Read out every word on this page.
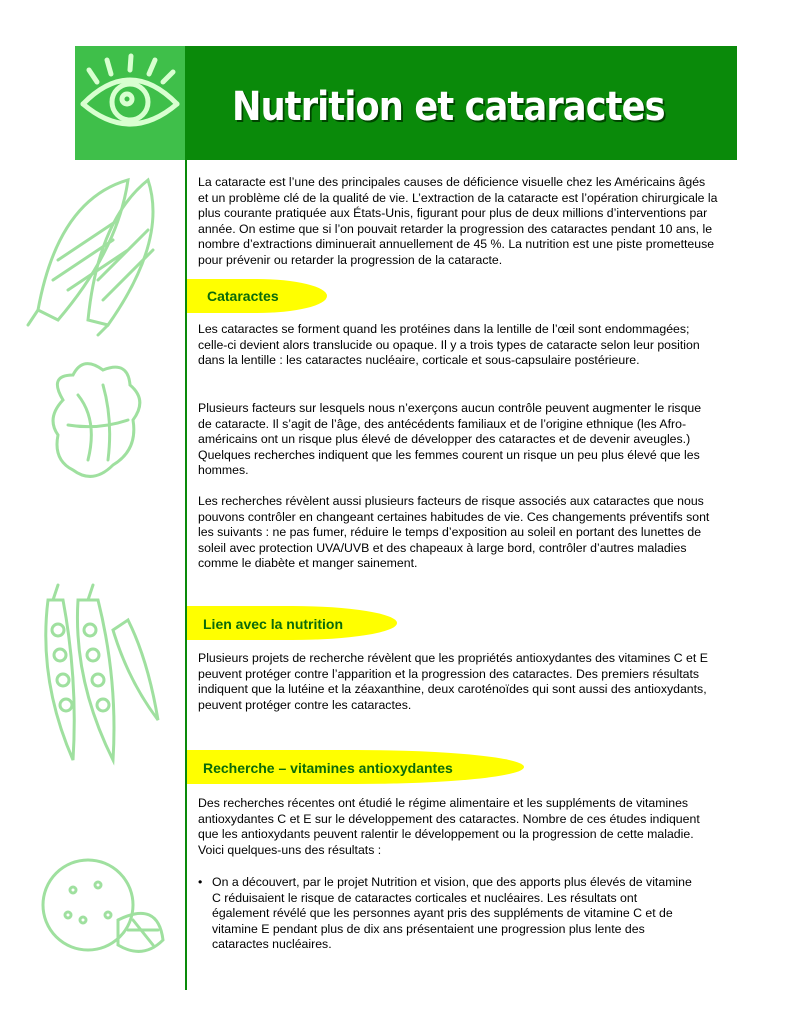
Nutrition et cataractes

La cataracte est l’une des principales causes de déficience visuelle chez les Américains âgés et un problème clé de la qualité de vie. L’extraction de la cataracte est l’opération chirurgicale la plus courante pratiquée aux États-Unis, figurant pour plus de deux millions d’interventions par année. On estime que si l’on pouvait retarder la progression des cataractes pendant 10 ans, le nombre d’extractions diminuerait annuellement de 45 %. La nutrition est une piste prometteuse pour prévenir ou retarder la progression de la cataracte.

Cataractes

Les cataractes se forment quand les protéines dans la lentille de l’œil sont endommagées; celle-ci devient alors translucide ou opaque. Il y a trois types de cataracte selon leur position dans la lentille : les cataractes nucléaire, corticale et sous-capsulaire postérieure.

Plusieurs facteurs sur lesquels nous n’exerçons aucun contrôle peuvent augmenter le risque de cataracte. Il s’agit de l’âge, des antécédents familiaux et de l’origine ethnique (les Afro-américains ont un risque plus élevé de développer des cataractes et de devenir aveugles.) Quelques recherches indiquent que les femmes courent un risque un peu plus élevé que les hommes.

Les recherches révèlent aussi plusieurs facteurs de risque associés aux cataractes que nous pouvons contrôler en changeant certaines habitudes de vie. Ces changements préventifs sont les suivants : ne pas fumer, réduire le temps d’exposition au soleil en portant des lunettes de soleil avec protection UVA/UVB et des chapeaux à large bord, contrôler d’autres maladies comme le diabète et manger sainement.

Lien avec la nutrition

Plusieurs projets de recherche révèlent que les propriétés antioxydantes des vitamines C et E peuvent protéger contre l’apparition et la progression des cataractes. Des premiers résultats indiquent que la lutéine et la zéaxanthine, deux caroténoïdes qui sont aussi des antioxydants, peuvent protéger contre les cataractes.

Recherche – vitamines antioxydantes

Des recherches récentes ont étudié le régime alimentaire et les suppléments de vitamines antioxydantes C et E sur le développement des cataractes. Nombre de ces études indiquent que les antioxydants peuvent ralentir le développement ou la progression de cette maladie. Voici quelques-uns des résultats :

• On a découvert, par le projet Nutrition et vision, que des apports plus élevés de vitamine C réduisaient le risque de cataractes corticales et nucléaires. Les résultats ont également révélé que les personnes ayant pris des suppléments de vitamine C et de vitamine E pendant plus de dix ans présentaient une progression plus lente des cataractes nucléaires.
